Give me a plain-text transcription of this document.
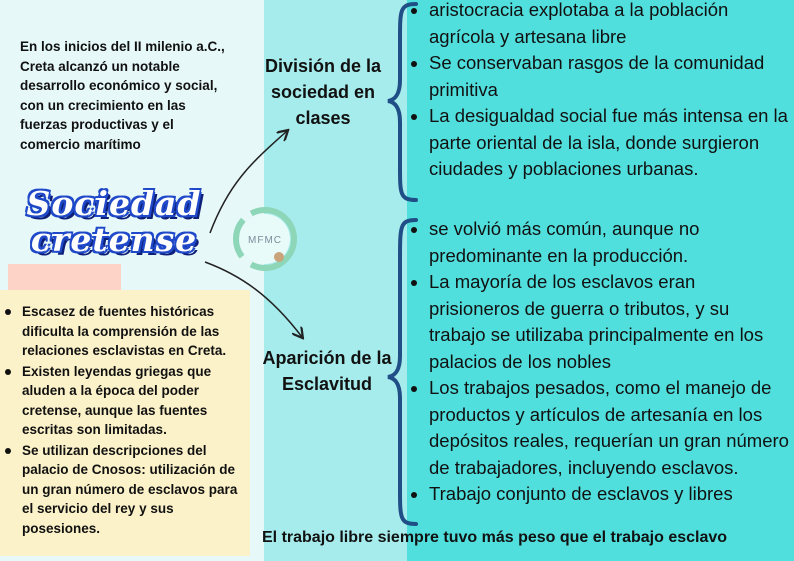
En los inicios del II milenio a.C., Creta alcanzó un notable desarrollo económico y social, con un crecimiento en las fuerzas productivas y el comercio marítimo
Sociedad
cretense
Escasez de fuentes históricas dificulta la comprensión de las relaciones esclavistas en Creta.
Existen leyendas griegas que aluden a la época del poder cretense, aunque las fuentes escritas son limitadas.
Se utilizan descripciones del palacio de Cnosos: utilización de un gran número de esclavos para el servicio del rey y sus posesiones.
MFMC
División de la sociedad en clases
Aparición de la Esclavitud
aristocracia explotaba a la población agrícola y artesana libre
Se conservaban rasgos de la comunidad primitiva
La desigualdad social fue más intensa en la parte oriental de la isla, donde surgieron ciudades y poblaciones urbanas.
se volvió más común, aunque no predominante en la producción.
La mayoría de los esclavos eran prisioneros de guerra o tributos, y su trabajo se utilizaba principalmente en los palacios de los nobles
Los trabajos pesados, como el manejo de productos y artículos de artesanía en los depósitos reales, requerían un gran número de trabajadores, incluyendo esclavos.
Trabajo conjunto de esclavos y libres
El trabajo libre siempre tuvo más peso que el trabajo esclavo
